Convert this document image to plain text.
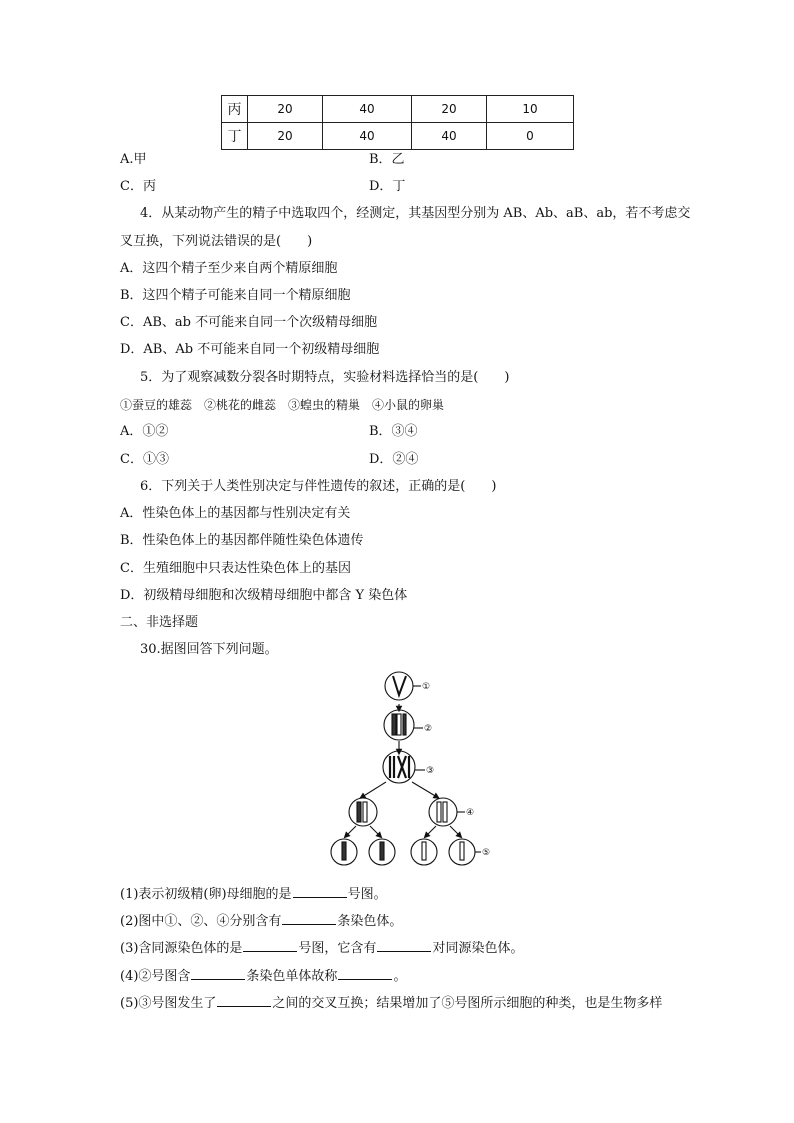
丙	20	40	20	10
丁	20	40	40	0
A.甲	B．乙
C．丙	D．丁
4．从某动物产生的精子中选取四个，经测定，其基因型分别为 AB、Ab、aB、ab，若不考虑交
叉互换，下列说法错误的是(　　)
A．这四个精子至少来自两个精原细胞
B．这四个精子可能来自同一个精原细胞
C．AB、ab 不可能来自同一个次级精母细胞
D．AB、Ab 不可能来自同一个初级精母细胞
5．为了观察减数分裂各时期特点，实验材料选择恰当的是(　　)
①蚕豆的雄蕊　②桃花的雌蕊　③蝗虫的精巢　④小鼠的卵巢
A．①②	B．③④
C．①③	D．②④
6．下列关于人类性别决定与伴性遗传的叙述，正确的是(　　)
A．性染色体上的基因都与性别决定有关
B．性染色体上的基因都伴随性染色体遗传
C．生殖细胞中只表达性染色体上的基因
D．初级精母细胞和次级精母细胞中都含 Y 染色体
二、非选择题
30.据图回答下列问题。
①
②
③
④
⑤
(1)表示初级精(卵)母细胞的是	号图。
(2)图中①、②、④分别含有	条染色体。
(3)含同源染色体的是	号图，它含有	对同源染色体。
(4)②号图含	条染色单体故称	。
(5)③号图发生了	之间的交叉互换；结果增加了⑤号图所示细胞的种类，也是生物多样
